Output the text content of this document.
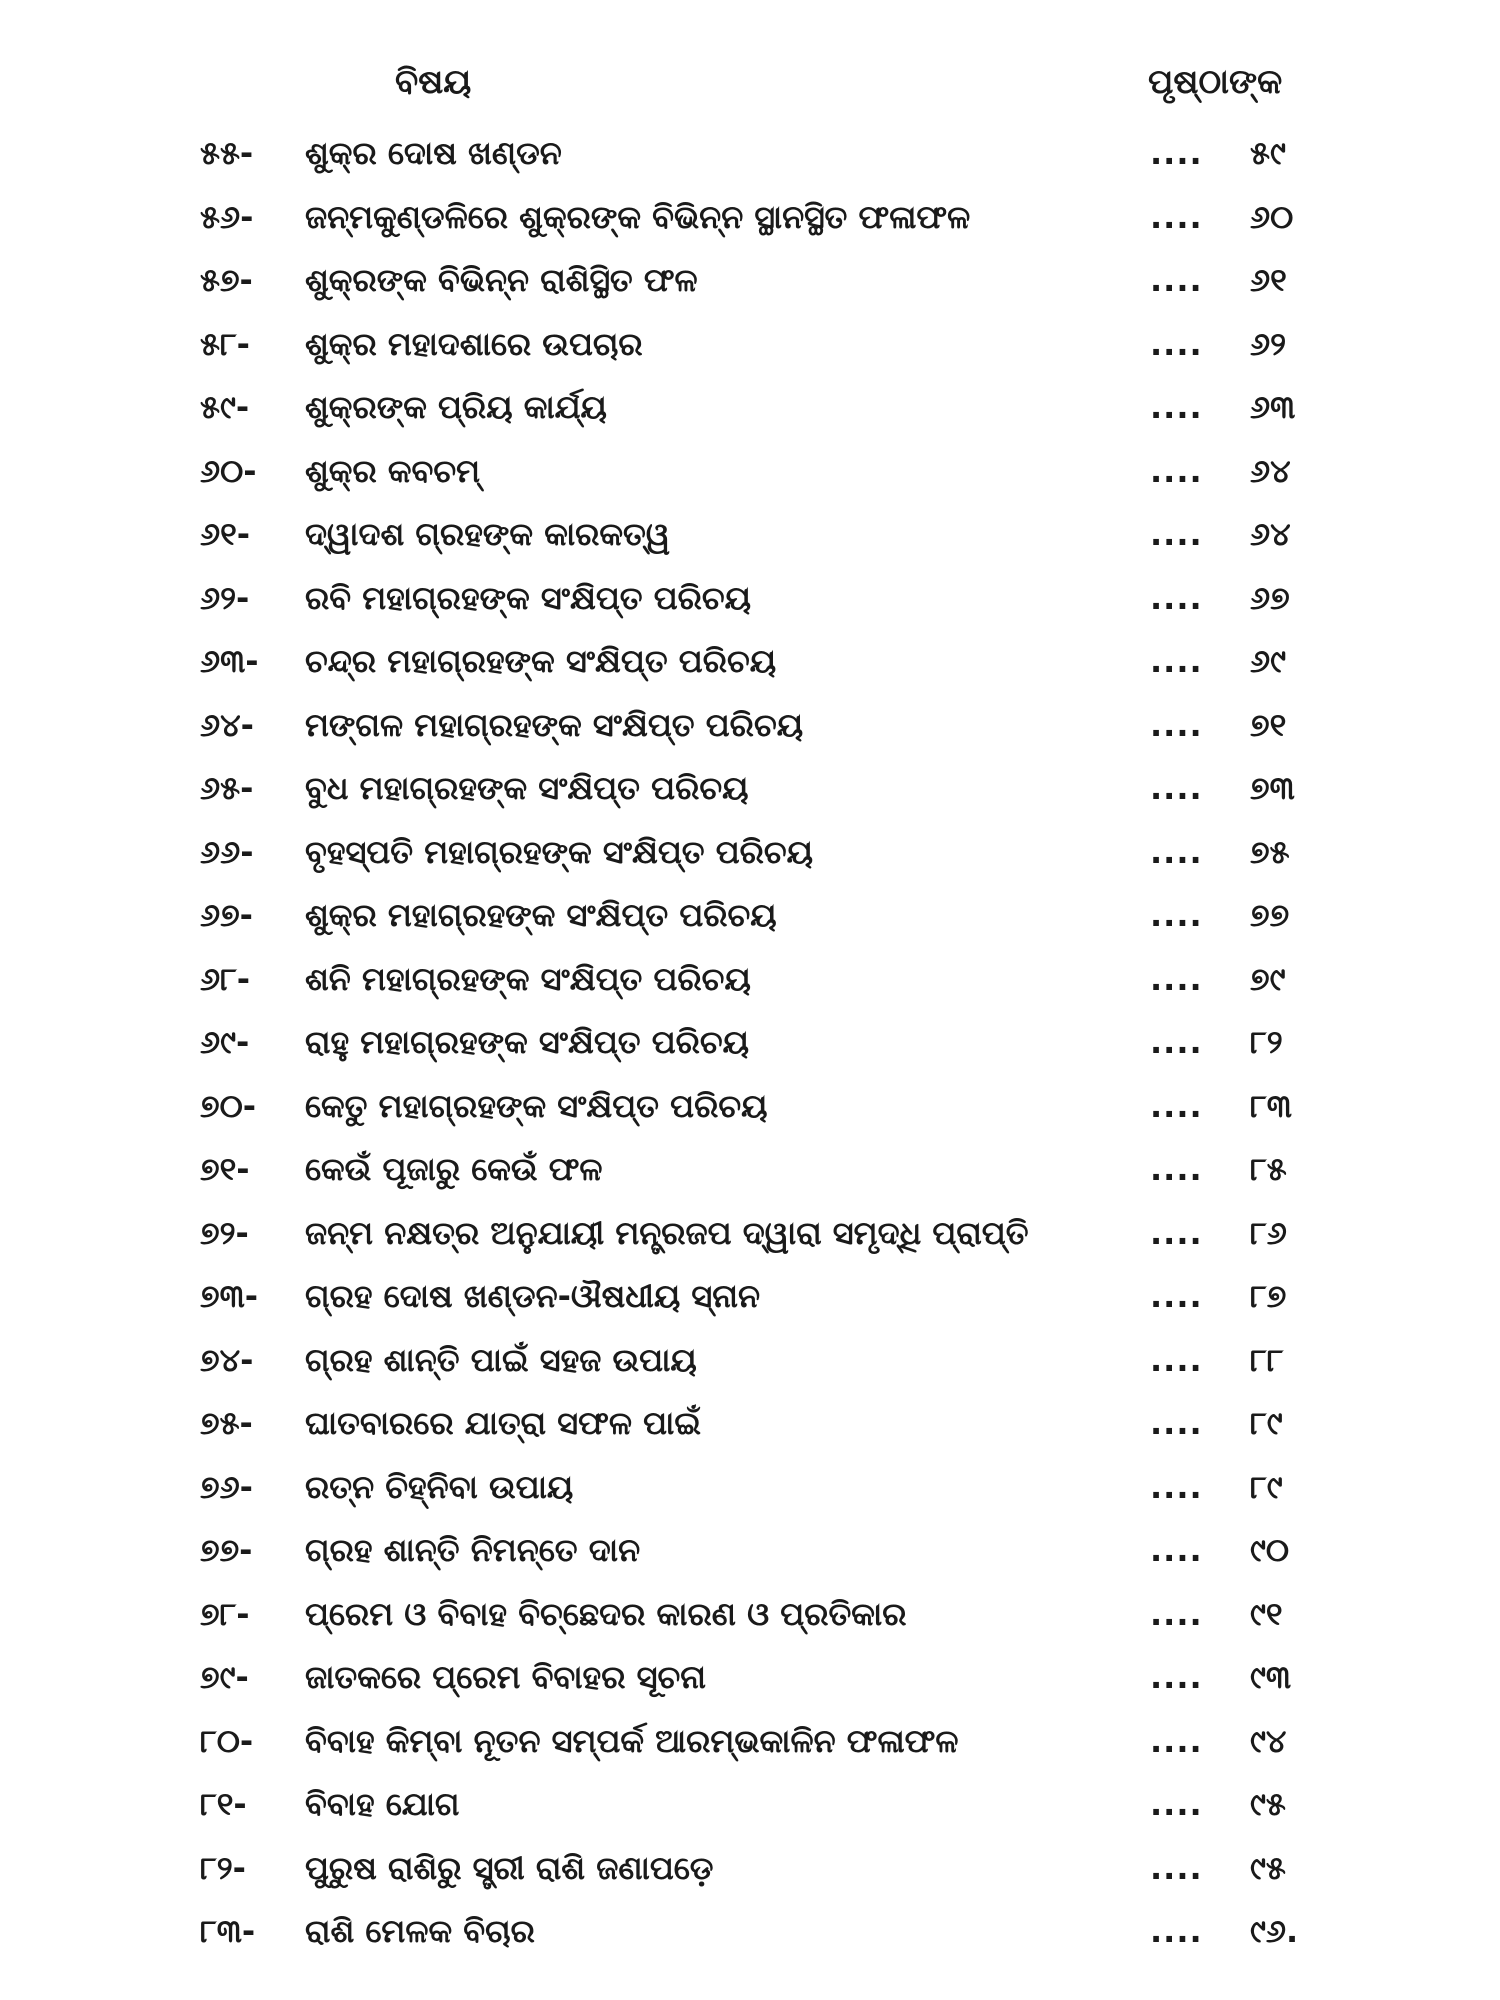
ବିଷୟ	ପୃଷ୍ଠାଙ୍କ
୫୫-	ଶୁକ୍ର ଦୋଷ ଖଣ୍ଡନ	.... ୫୯
୫୬-	ଜନ୍ମକୁଣ୍ଡଳିରେ ଶୁକ୍ରଙ୍କ ବିଭିନ୍ନ ସ୍ଥାନସ୍ଥିତ ଫଳାଫଳ	.... ୬୦
୫୭-	ଶୁକ୍ରଙ୍କ ବିଭିନ୍ନ ରାଶିସ୍ଥିତ ଫଳ	.... ୬୧
୫୮-	ଶୁକ୍ର ମହାଦଶାରେ ଉପଚାର	.... ୬୨
୫୯-	ଶୁକ୍ରଙ୍କ ପ୍ରିୟ କାର୍ଯ୍ୟ	.... ୬୩
୬୦-	ଶୁକ୍ର କବଚମ୍	.... ୬୪
୬୧-	ଦ୍ୱାଦଶ ଗ୍ରହଙ୍କ କାରକତ୍ୱ	.... ୬୪
୬୨-	ରବି ମହାଗ୍ରହଙ୍କ ସଂକ୍ଷିପ୍ତ ପରିଚୟ	.... ୬୭
୬୩-	ଚନ୍ଦ୍ର ମହାଗ୍ରହଙ୍କ ସଂକ୍ଷିପ୍ତ ପରିଚୟ	.... ୬୯
୬୪-	ମଙ୍ଗଳ ମହାଗ୍ରହଙ୍କ ସଂକ୍ଷିପ୍ତ ପରିଚୟ	.... ୭୧
୬୫-	ବୁଧ ମହାଗ୍ରହଙ୍କ ସଂକ୍ଷିପ୍ତ ପରିଚୟ	.... ୭୩
୬୬-	ବୃହସ୍ପତି ମହାଗ୍ରହଙ୍କ ସଂକ୍ଷିପ୍ତ ପରିଚୟ	.... ୭୫
୬୭-	ଶୁକ୍ର ମହାଗ୍ରହଙ୍କ ସଂକ୍ଷିପ୍ତ ପରିଚୟ	.... ୭୭
୬୮-	ଶନି ମହାଗ୍ରହଙ୍କ ସଂକ୍ଷିପ୍ତ ପରିଚୟ	.... ୭୯
୬୯-	ରାହୁ ମହାଗ୍ରହଙ୍କ ସଂକ୍ଷିପ୍ତ ପରିଚୟ	.... ୮୨
୭୦-	କେତୁ ମହାଗ୍ରହଙ୍କ ସଂକ୍ଷିପ୍ତ ପରିଚୟ	.... ୮୩
୭୧-	କେଉଁ ପୂଜାରୁ କେଉଁ ଫଳ	.... ୮୫
୭୨-	ଜନ୍ମ ନକ୍ଷତ୍ର ଅନୁଯାୟୀ ମନ୍ତ୍ରଜପ ଦ୍ୱାରା ସମୃଦ୍ଧି ପ୍ରାପ୍ତି	.... ୮୬
୭୩-	ଗ୍ରହ ଦୋଷ ଖଣ୍ଡନ-ଔଷଧୀୟ ସ୍ନାନ	.... ୮୭
୭୪-	ଗ୍ରହ ଶାନ୍ତି ପାଇଁ ସହଜ ଉପାୟ	.... ୮୮
୭୫-	ଘାତବାରରେ ଯାତ୍ରା ସଫଳ ପାଇଁ	.... ୮୯
୭୬-	ରତ୍ନ ଚିହ୍ନିବା ଉପାୟ	.... ୮୯
୭୭-	ଗ୍ରହ ଶାନ୍ତି ନିମନ୍ତେ ଦାନ	.... ୯୦
୭୮-	ପ୍ରେମ ଓ ବିବାହ ବିଚ୍ଛେଦର କାରଣ ଓ ପ୍ରତିକାର	.... ୯୧
୭୯-	ଜାତକରେ ପ୍ରେମ ବିବାହର ସୂଚନା	.... ୯୩
୮୦-	ବିବାହ କିମ୍ବା ନୂତନ ସମ୍ପର୍କ ଆରମ୍ଭକାଳିନ ଫଳାଫଳ	.... ୯୪
୮୧-	ବିବାହ ଯୋଗ	.... ୯୫
୮୨-	ପୁରୁଷ ରାଶିରୁ ସ୍ତ୍ରୀ ରାଶି ଜଣାପଡ଼େ	.... ୯୫
୮୩-	ରାଶି ମେଳକ ବିଚାର	.... ୯୬.
